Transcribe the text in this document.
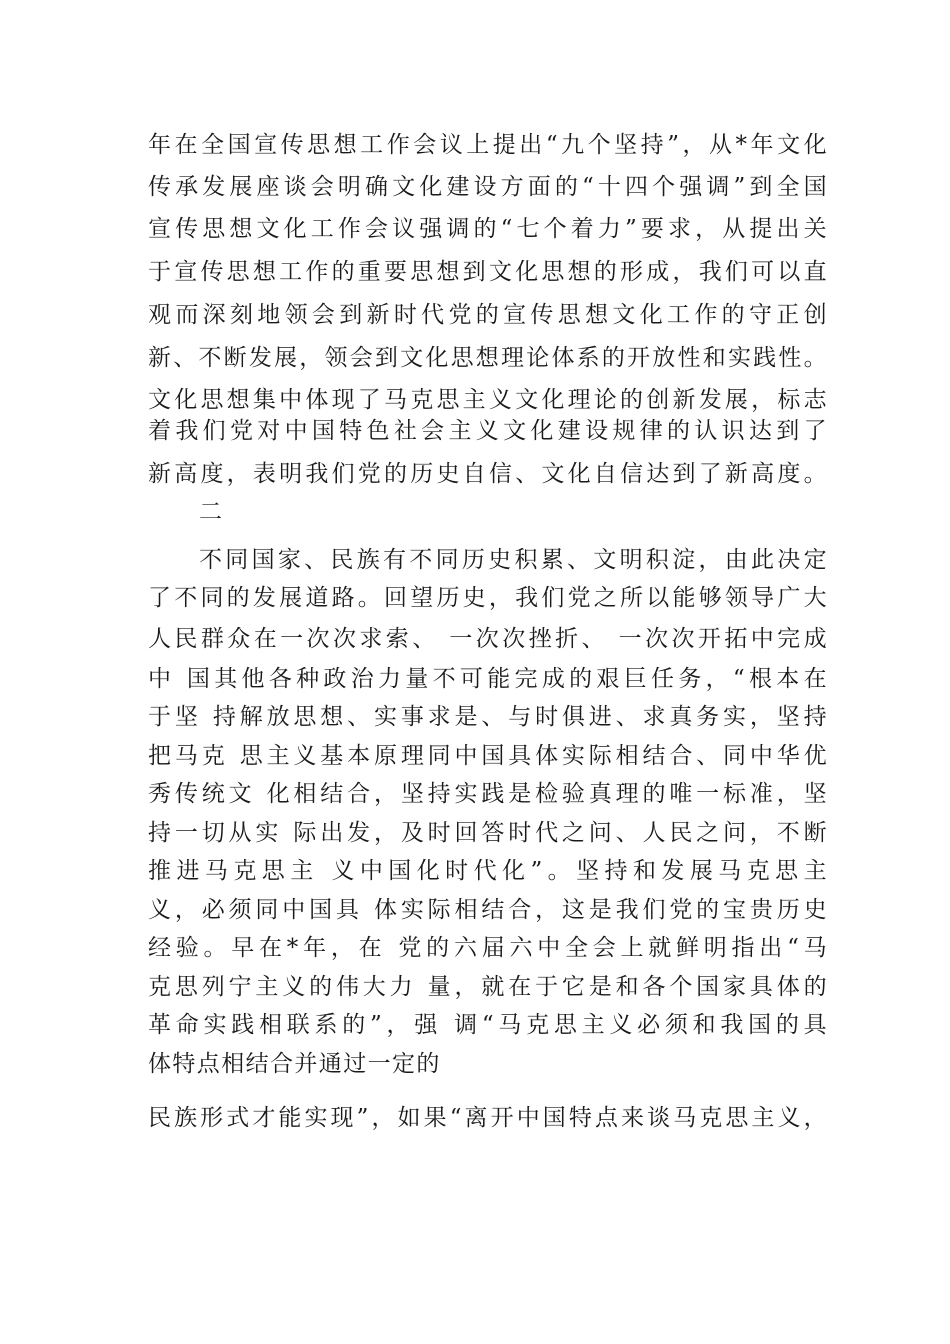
年在全国宣传思想工作会议上提出“九个坚持”，从*年文化
传承发展座谈会明确文化建设方面的“十四个强调”到全国
宣传思想文化工作会议强调的“七个着力”要求，从提出关
于宣传思想工作的重要思想到文化思想的形成，我们可以直
观而深刻地领会到新时代党的宣传思想文化工作的守正创
新、不断发展，领会到文化思想理论体系的开放性和实践性。
文化思想集中体现了马克思主义文化理论的创新发展，标志
着我们党对中国特色社会主义文化建设规律的认识达到了
新高度，表明我们党的历史自信、文化自信达到了新高度。
二
不同国家、民族有不同历史积累、文明积淀，由此决定
了不同的发展道路。回望历史，我们党之所以能够领导广大
人民群众在一次次求索、 一次次挫折、 一次次开拓中完成
中 国其他各种政治力量不可能完成的艰巨任务，“根本在
于坚 持解放思想、实事求是、与时俱进、求真务实，坚持
把马克 思主义基本原理同中国具体实际相结合、同中华优
秀传统文 化相结合，坚持实践是检验真理的唯一标准，坚
持一切从实 际出发，及时回答时代之问、人民之问，不断
推进马克思主 义中国化时代化”。坚持和发展马克思主
义，必须同中国具 体实际相结合，这是我们党的宝贵历史
经验。早在*年，在 党的六届六中全会上就鲜明指出“马
克思列宁主义的伟大力 量，就在于它是和各个国家具体的
革命实践相联系的”，强 调“马克思主义必须和我国的具
体特点相结合并通过一定的
民族形式才能实现”，如果“离开中国特点来谈马克思主义，
